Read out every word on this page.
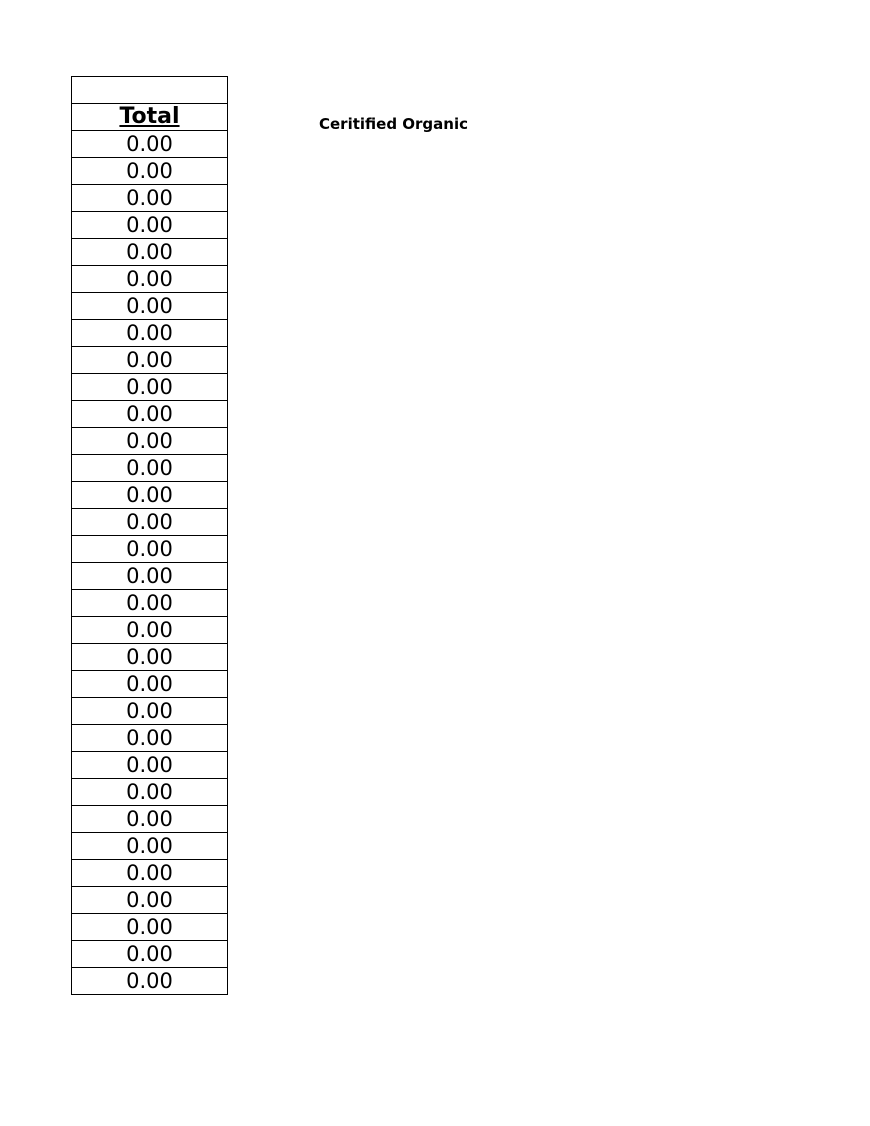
Total
0.00
0.00
0.00
0.00
0.00
0.00
0.00
0.00
0.00
0.00
0.00
0.00
0.00
0.00
0.00
0.00
0.00
0.00
0.00
0.00
0.00
0.00
0.00
0.00
0.00
0.00
0.00
0.00
0.00
0.00
0.00
0.00
Ceritified Organic
